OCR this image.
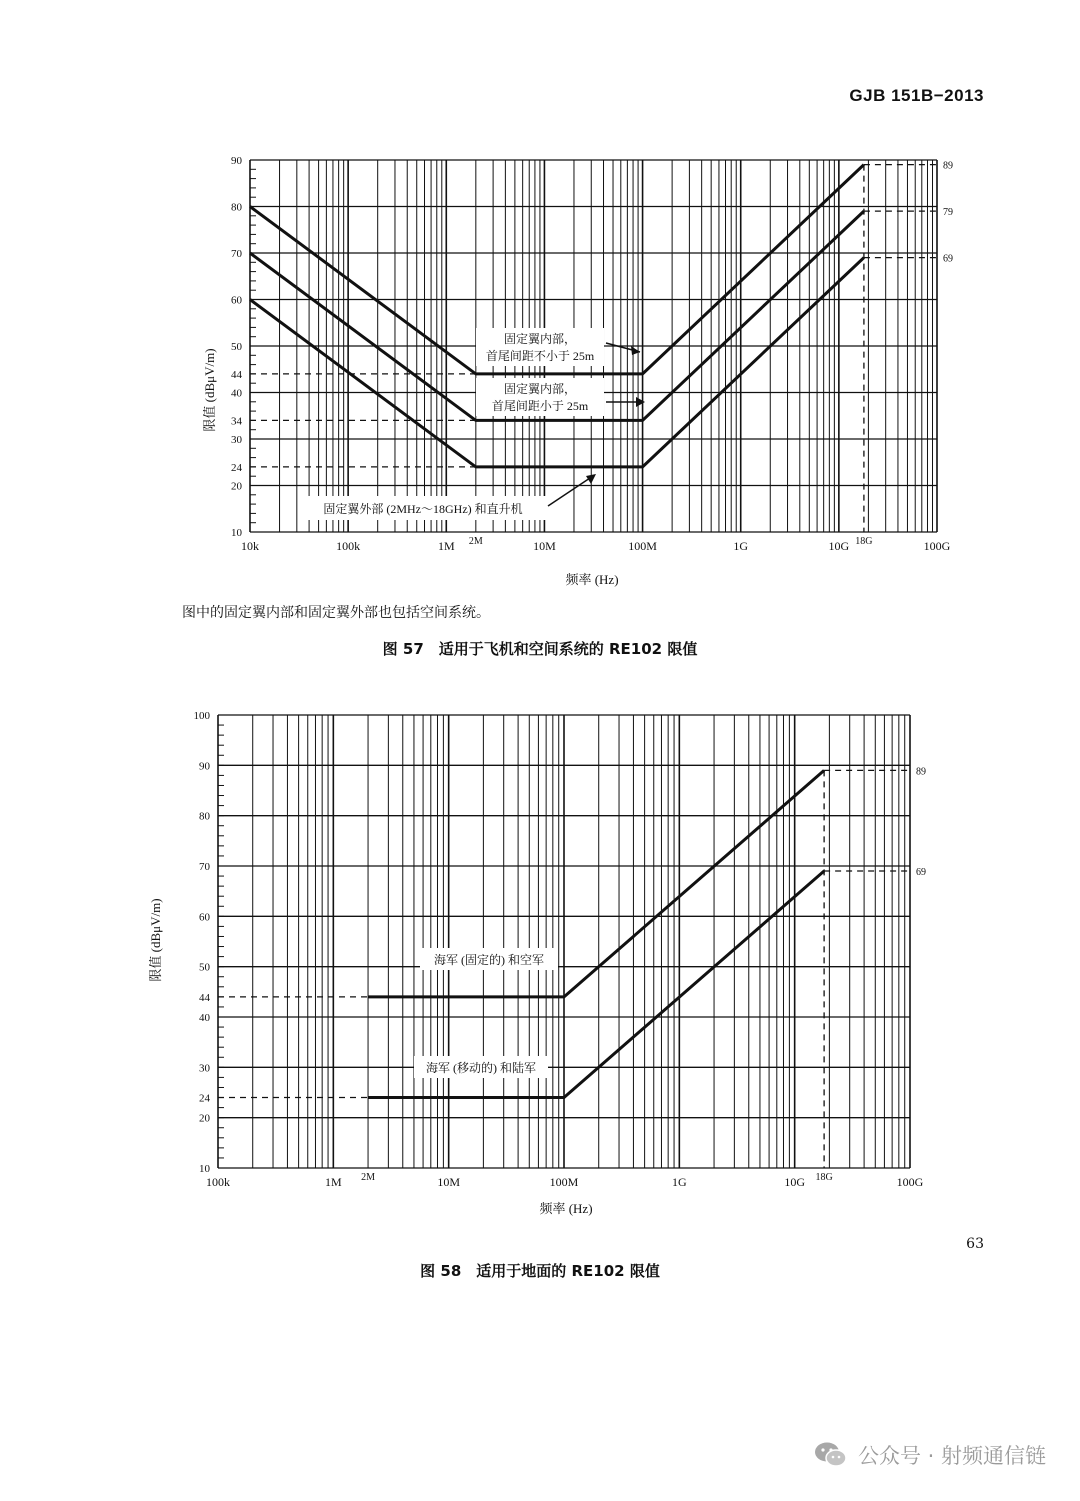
GJB 151B−2013
10
20
24
30
34
40
44
50
60
70
80
90
10k	100k	1M 2M	10M	100M	1G	10G 18G	100G
89
79
69
固定翼内部，
首尾间距不小于 25m
固定翼内部，
首尾间距小于 25m
固定翼外部 (2MHz～18GHz) 和直升机
限值 (dBμV/m)
频率 (Hz)
图中的固定翼内部和固定翼外部也包括空间系统。
图 57　适用于飞机和空间系统的 RE102 限值
10
20
24
30
40
44
50
60
70
80
90
100
100k	1M 2M	10M	100M	1G	10G 18G	100G
89
69
海军 (固定的) 和空军
海军 (移动的) 和陆军
限值 (dBμV/m)
频率 (Hz)
图 58　适用于地面的 RE102 限值
63
公众号 · 射频通信链
